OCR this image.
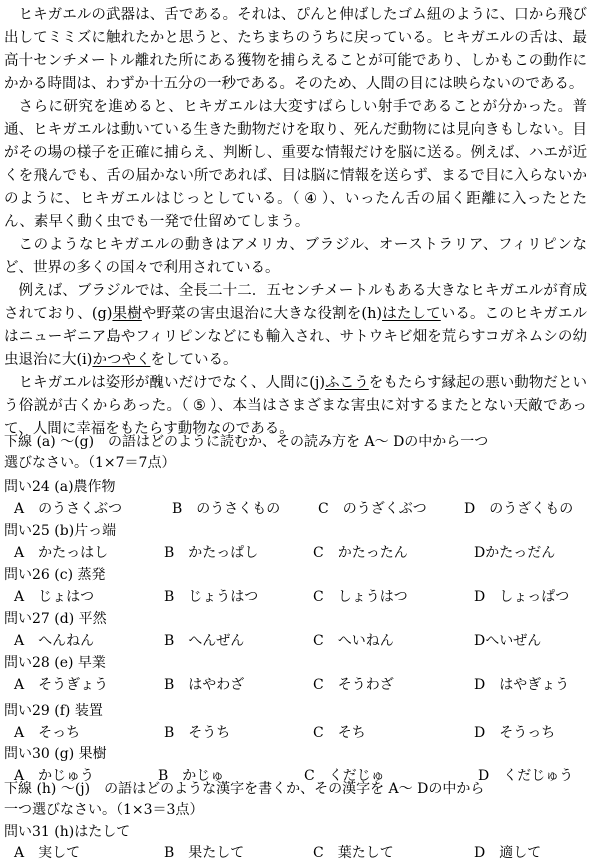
ヒキガエルの武器は、舌である。それは、ぴんと伸ばしたゴム紐のように、口から飛び出してミミズに触れたかと思うと、たちまちのうちに戻っている。ヒキガエルの舌は、最高十センチメートル離れた所にある獲物を捕らえることが可能であり、しかもこの動作にかかる時間は、わずか十五分の一秒である。そのため、人間の目には映らないのである。

さらに研究を進めると、ヒキガエルは大変すばらしい射手であることが分かった。普通、ヒキガエルは動いている生きた動物だけを取り、死んだ動物には見向きもしない。目がその場の様子を正確に捕らえ、判断し、重要な情報だけを脳に送る。例えば、ハエが近くを飛んでも、舌の届かない所であれば、目は脳に情報を送らず、まるで目に入らないかのように、ヒキガエルはじっとしている。（ ④ ）、いったん舌の届く距離に入ったとたん、素早く動く虫でも一発で仕留めてしまう。

このようなヒキガエルの動きはアメリカ、ブラジル、オーストラリア、フィリピンなど、世界の多くの国々で利用されている。

例えば、ブラジルでは、全長二十二．五センチメートルもある大きなヒキガエルが育成されており、(g)果樹や野菜の害虫退治に大きな役割を(h)はたしている。このヒキガエルはニューギニア島やフィリピンなどにも輸入され、サトウキビ畑を荒らすコガネムシの幼虫退治に大(i)かつやくをしている。

ヒキガエルは姿形が醜いだけでなく、人間に(j)ふこうをもたらす縁起の悪い動物だという俗説が古くからあった。（ ⑤ ）、本当はさまざまな害虫に対するまたとない天敵であって、人間に幸福をもたらす動物なのである。

下線 (a) ～(g)　の語はどのように読むか、その読み方を A～ Dの中から一つ
選びなさい。（1×7＝7点）
問い24 (a)農作物
A　のうさくぶつ	B　のうさくもの	C　のうざくぶつ	D　のうざくもの
問い25 (b)片っ端
A　かたっはし	B　かたっぱし	C　かたったん	Dかたっだん
問い26 (c) 蒸発
A　じょはつ	B　じょうはつ	C　しょうはつ	D　しょっぱつ
問い27 (d) 平然
A　へんねん	B　へんぜん	C　へいねん	Dへいぜん
問い28 (e) 早業
A　そうぎょう	B　はやわざ	C　そうわざ	D　はやぎょう
問い29 (f) 装置
A　そっち	B　そうち	C　そち	D　そうっち
問い30 (g) 果樹
A　かじゅう	B　かじゅ	C　くだじゅ	D　くだじゅう
下線 (h) ～(j)　の語はどのような漢字を書くか、その漢字を A～ Dの中から
一つ選びなさい。（1×3＝3点）
問い31 (h)はたして
A　実して	B　果たして	C　葉たして	D　適して
